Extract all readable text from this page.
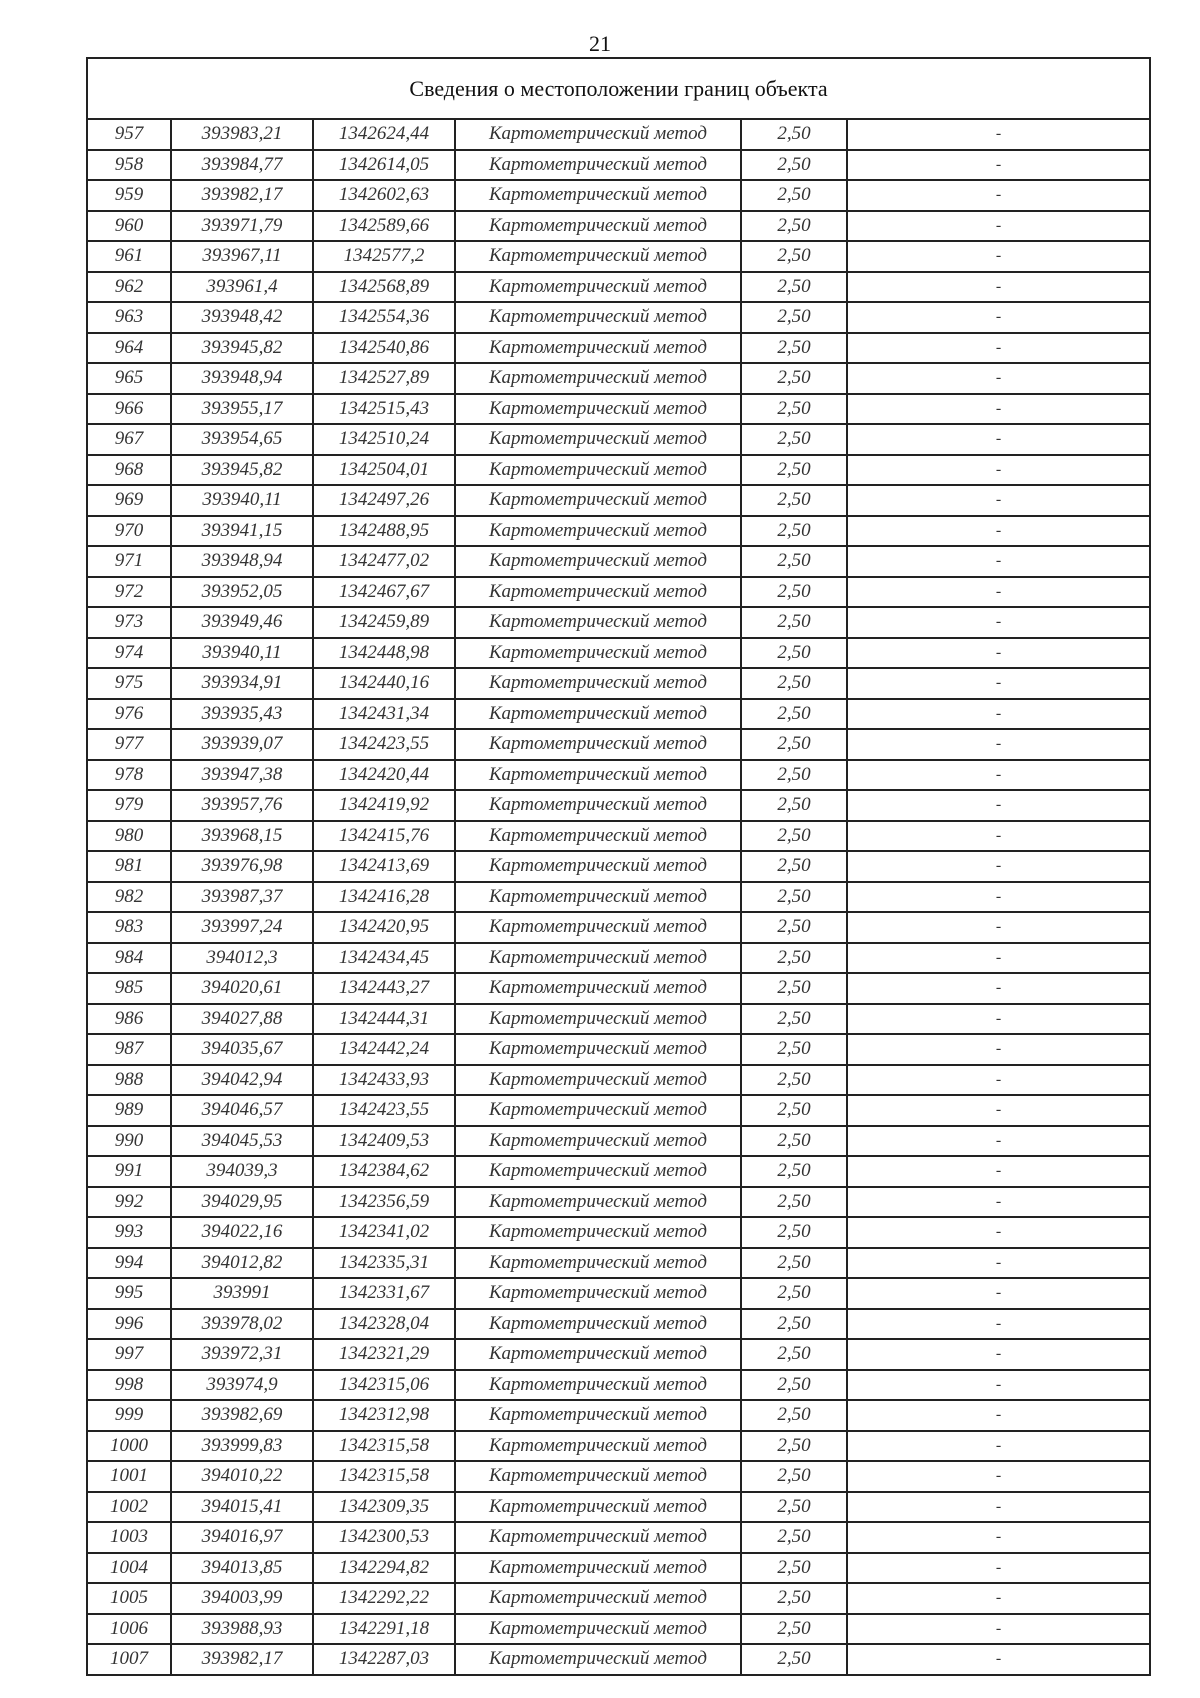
21
Сведения о местоположении границ объекта
957	393983,21	1342624,44	Картометрический метод	2,50	-
958	393984,77	1342614,05	Картометрический метод	2,50	-
959	393982,17	1342602,63	Картометрический метод	2,50	-
960	393971,79	1342589,66	Картометрический метод	2,50	-
961	393967,11	1342577,2	Картометрический метод	2,50	-
962	393961,4	1342568,89	Картометрический метод	2,50	-
963	393948,42	1342554,36	Картометрический метод	2,50	-
964	393945,82	1342540,86	Картометрический метод	2,50	-
965	393948,94	1342527,89	Картометрический метод	2,50	-
966	393955,17	1342515,43	Картометрический метод	2,50	-
967	393954,65	1342510,24	Картометрический метод	2,50	-
968	393945,82	1342504,01	Картометрический метод	2,50	-
969	393940,11	1342497,26	Картометрический метод	2,50	-
970	393941,15	1342488,95	Картометрический метод	2,50	-
971	393948,94	1342477,02	Картометрический метод	2,50	-
972	393952,05	1342467,67	Картометрический метод	2,50	-
973	393949,46	1342459,89	Картометрический метод	2,50	-
974	393940,11	1342448,98	Картометрический метод	2,50	-
975	393934,91	1342440,16	Картометрический метод	2,50	-
976	393935,43	1342431,34	Картометрический метод	2,50	-
977	393939,07	1342423,55	Картометрический метод	2,50	-
978	393947,38	1342420,44	Картометрический метод	2,50	-
979	393957,76	1342419,92	Картометрический метод	2,50	-
980	393968,15	1342415,76	Картометрический метод	2,50	-
981	393976,98	1342413,69	Картометрический метод	2,50	-
982	393987,37	1342416,28	Картометрический метод	2,50	-
983	393997,24	1342420,95	Картометрический метод	2,50	-
984	394012,3	1342434,45	Картометрический метод	2,50	-
985	394020,61	1342443,27	Картометрический метод	2,50	-
986	394027,88	1342444,31	Картометрический метод	2,50	-
987	394035,67	1342442,24	Картометрический метод	2,50	-
988	394042,94	1342433,93	Картометрический метод	2,50	-
989	394046,57	1342423,55	Картометрический метод	2,50	-
990	394045,53	1342409,53	Картометрический метод	2,50	-
991	394039,3	1342384,62	Картометрический метод	2,50	-
992	394029,95	1342356,59	Картометрический метод	2,50	-
993	394022,16	1342341,02	Картометрический метод	2,50	-
994	394012,82	1342335,31	Картометрический метод	2,50	-
995	393991	1342331,67	Картометрический метод	2,50	-
996	393978,02	1342328,04	Картометрический метод	2,50	-
997	393972,31	1342321,29	Картометрический метод	2,50	-
998	393974,9	1342315,06	Картометрический метод	2,50	-
999	393982,69	1342312,98	Картометрический метод	2,50	-
1000	393999,83	1342315,58	Картометрический метод	2,50	-
1001	394010,22	1342315,58	Картометрический метод	2,50	-
1002	394015,41	1342309,35	Картометрический метод	2,50	-
1003	394016,97	1342300,53	Картометрический метод	2,50	-
1004	394013,85	1342294,82	Картометрический метод	2,50	-
1005	394003,99	1342292,22	Картометрический метод	2,50	-
1006	393988,93	1342291,18	Картометрический метод	2,50	-
1007	393982,17	1342287,03	Картометрический метод	2,50	-
